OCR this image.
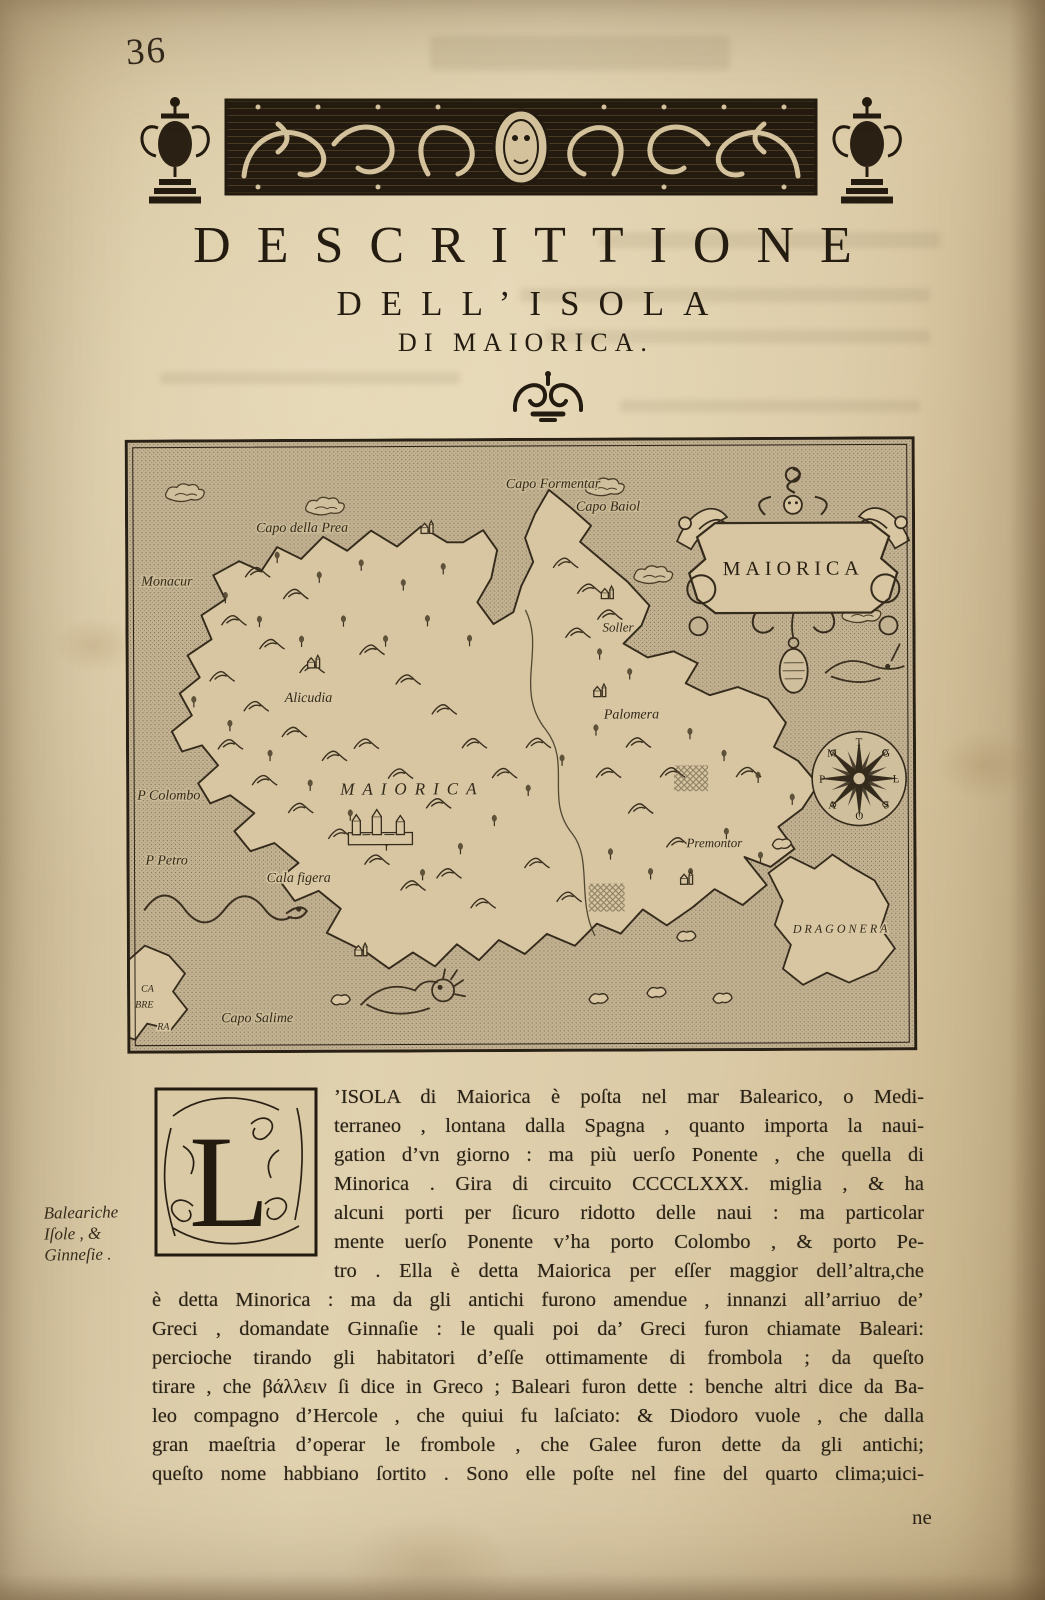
36
DESCRITTIONE
DELL’ISOLA
DI MAIORICA.
MAIORICA
T
G
L
S
O
A
P
M
Capo Formentar
Capo Baiol
Capo della Prea
Monacur
Soller
Alicudia
Palomera
MAIORICA
P Colombo
P Petro
Cala figera
Premontor
DRAGONERA
CA
BRE
RA
Capo Salime
L
’ISOLA di Maiorica è poſta nel mar Balearico, o Medi-
terraneo , lontana dalla Spagna , quanto importa la naui-
gation d’vn giorno : ma più uerſo Ponente , che quella di
Minorica . Gira di circuito CCCCLXXX. miglia , & ha
alcuni porti per ſicuro ridotto delle naui : ma particolar
mente uerſo Ponente v’ha porto Colombo , & porto Pe-
tro . Ella è detta Maiorica per eſſer maggior dell’altra,che
è detta Minorica : ma da gli antichi furono amendue , innanzi all’arriuo de’
Greci , domandate Ginnaſie : le quali poi da’ Greci furon chiamate Baleari:
percioche tirando gli habitatori d’eſſe ottimamente di frombola ; da queſto
tirare , che βάλλειν ſi dice in Greco ; Baleari furon dette : benche altri dice da Ba-
leo compagno d’Hercole , che quiui fu laſciato: & Diodoro vuole , che dalla
gran maeſtria d’operar le frombole , che Galee furon dette da gli antichi;
queſto nome habbiano ſortito . Sono elle poſte nel fine del quarto clima;uici-
Baleariche
Iſole , &
Ginneſie .
ne
